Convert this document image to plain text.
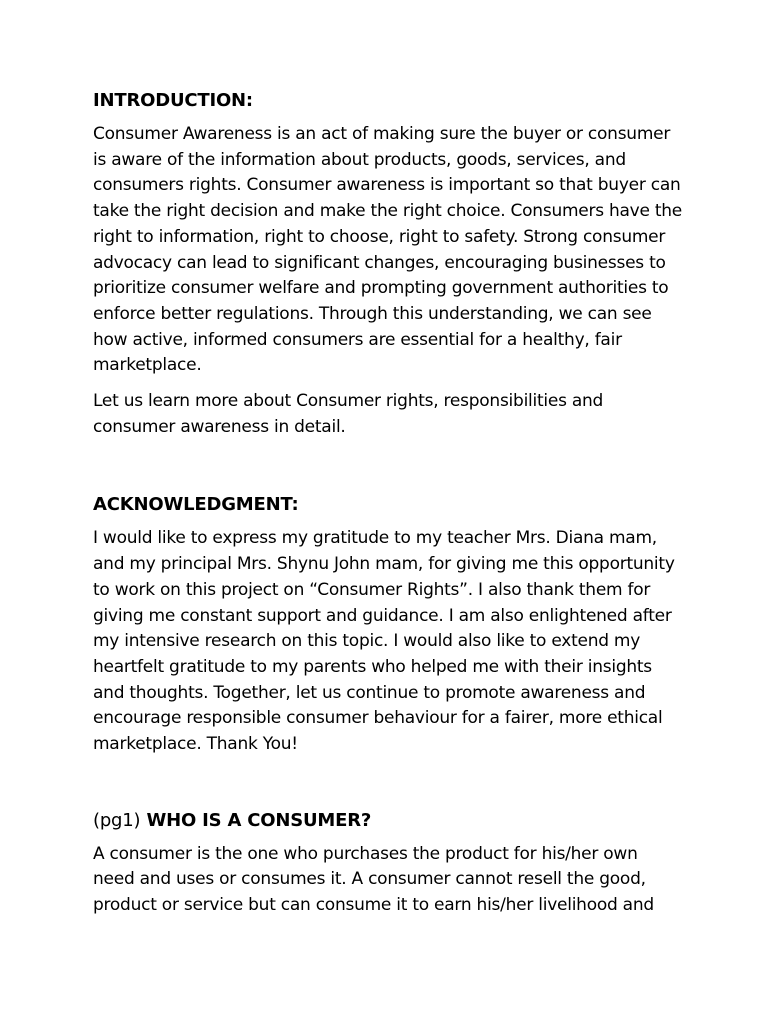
INTRODUCTION:

Consumer Awareness is an act of making sure the buyer or consumer is aware of the information about products, goods, services, and consumers rights. Consumer awareness is important so that buyer can take the right decision and make the right choice. Consumers have the right to information, right to choose, right to safety. Strong consumer advocacy can lead to significant changes, encouraging businesses to prioritize consumer welfare and prompting government authorities to enforce better regulations. Through this understanding, we can see how active, informed consumers are essential for a healthy, fair marketplace.

Let us learn more about Consumer rights, responsibilities and consumer awareness in detail.

ACKNOWLEDGMENT:

I would like to express my gratitude to my teacher Mrs. Diana mam, and my principal Mrs. Shynu John mam, for giving me this opportunity to work on this project on “Consumer Rights”. I also thank them for giving me constant support and guidance. I am also enlightened after my intensive research on this topic. I would also like to extend my heartfelt gratitude to my parents who helped me with their insights and thoughts. Together, let us continue to promote awareness and encourage responsible consumer behaviour for a fairer, more ethical marketplace. Thank You!

(pg1) WHO IS A CONSUMER?

A consumer is the one who purchases the product for his/her own need and uses or consumes it. A consumer cannot resell the good, product or service but can consume it to earn his/her livelihood and
